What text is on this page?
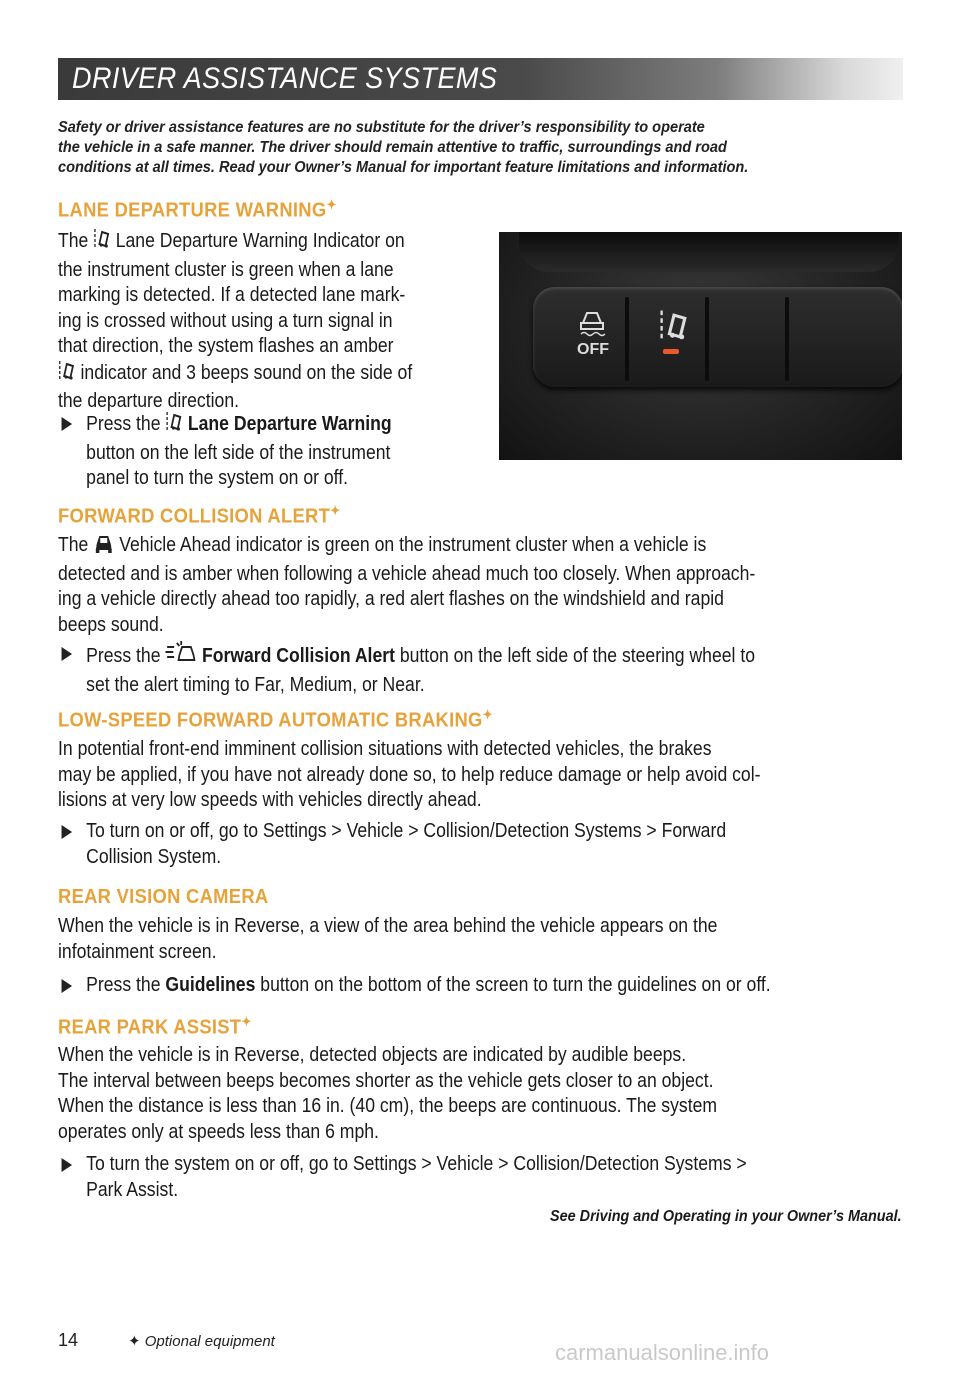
DRIVER ASSISTANCE SYSTEMS
Safety or driver assistance features are no substitute for the driver’s responsibility to operate
the vehicle in a safe manner. The driver should remain attentive to traffic, surroundings and road
conditions at all times. Read your Owner’s Manual for important feature limitations and information.
LANE DEPARTURE WARNING✦
The Lane Departure Warning Indicator on
the instrument cluster is green when a lane
marking is detected. If a detected lane mark-
ing is crossed without using a turn signal in
that direction, the system flashes an amber
indicator and 3 beeps sound on the side of
the departure direction.
Press the Lane Departure Warning
button on the left side of the instrument
panel to turn the system on or off.
OFF
FORWARD COLLISION ALERT✦
The Vehicle Ahead indicator is green on the instrument cluster when a vehicle is
detected and is amber when following a vehicle ahead much too closely. When approach-
ing a vehicle directly ahead too rapidly, a red alert flashes on the windshield and rapid
beeps sound.
Press the Forward Collision Alert button on the left side of the steering wheel to
set the alert timing to Far, Medium, or Near.
LOW-SPEED FORWARD AUTOMATIC BRAKING✦
In potential front-end imminent collision situations with detected vehicles, the brakes
may be applied, if you have not already done so, to help reduce damage or help avoid col-
lisions at very low speeds with vehicles directly ahead.
To turn on or off, go to Settings > Vehicle > Collision/Detection Systems > Forward
Collision System.
REAR VISION CAMERA
When the vehicle is in Reverse, a view of the area behind the vehicle appears on the
infotainment screen.
Press the Guidelines button on the bottom of the screen to turn the guidelines on or off.
REAR PARK ASSIST✦
When the vehicle is in Reverse, detected objects are indicated by audible beeps.
The interval between beeps becomes shorter as the vehicle gets closer to an object.
When the distance is less than 16 in. (40 cm), the beeps are continuous. The system
operates only at speeds less than 6 mph.
To turn the system on or off, go to Settings > Vehicle > Collision/Detection Systems >
Park Assist.
See Driving and Operating in your Owner’s Manual.
14	✦ Optional equipment	carmanualsonline.info
